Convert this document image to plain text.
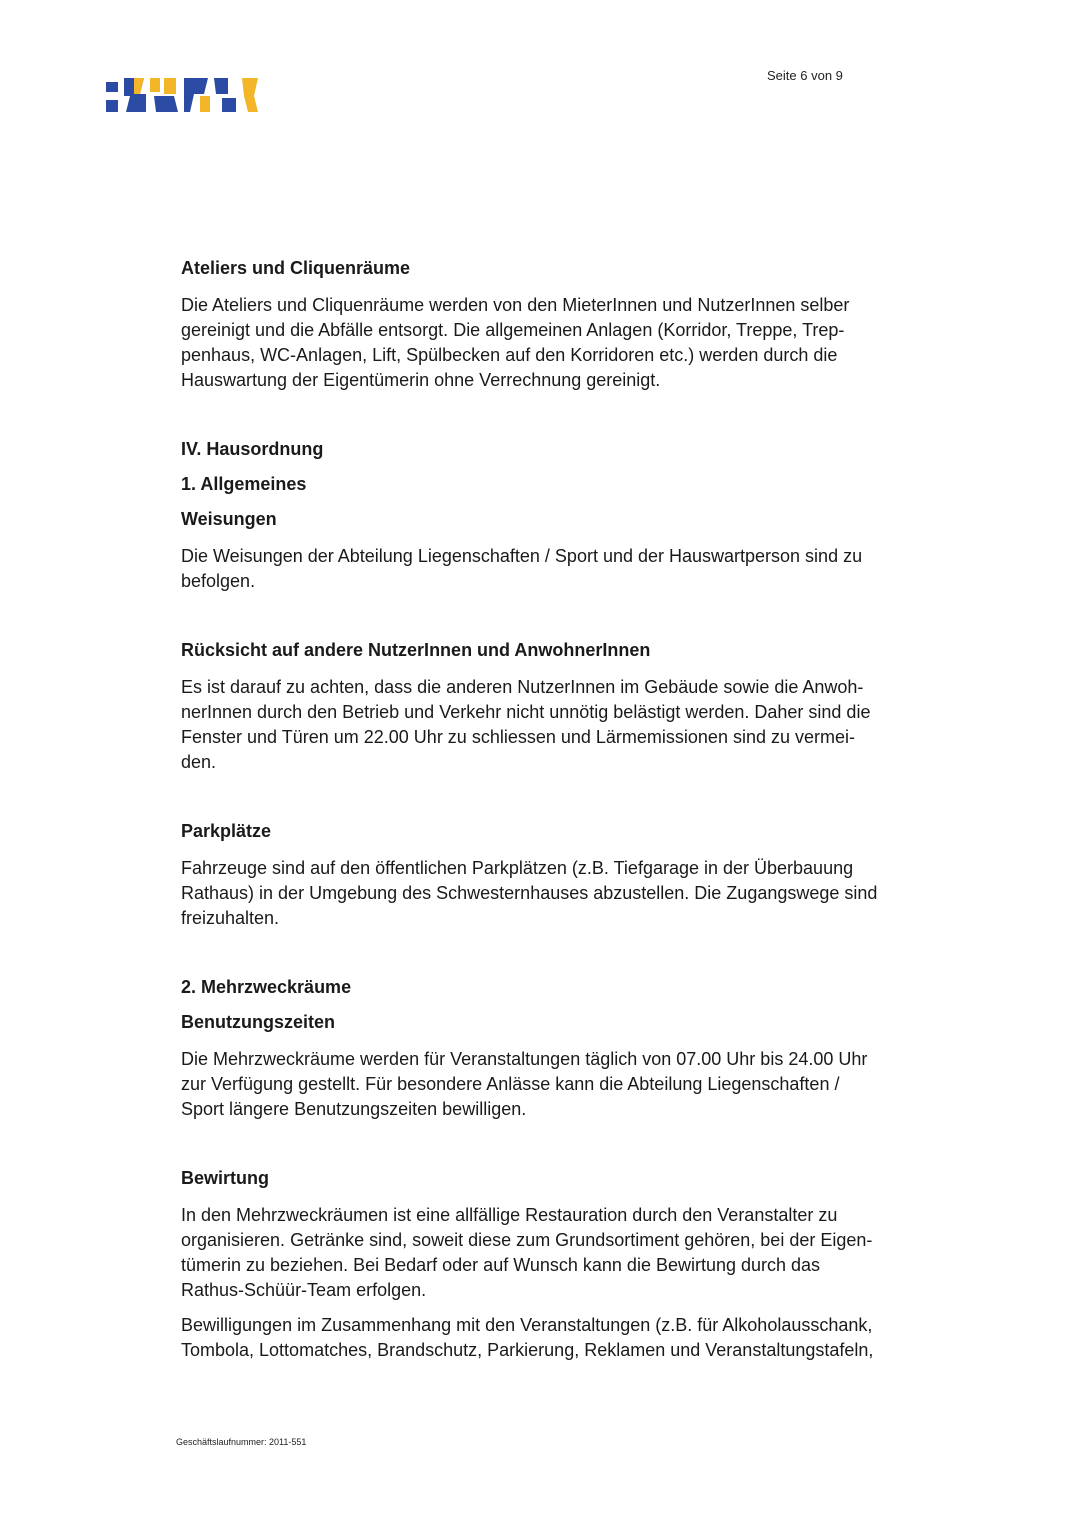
Seite 6 von 9
Ateliers und Cliquenräume
Die Ateliers und Cliquenräume werden von den MieterInnen und NutzerInnen selber
gereinigt und die Abfälle entsorgt. Die allgemeinen Anlagen (Korridor, Treppe, Trep-
penhaus, WC-Anlagen, Lift, Spülbecken auf den Korridoren etc.) werden durch die
Hauswartung der Eigentümerin ohne Verrechnung gereinigt.
IV. Hausordnung
1. Allgemeines
Weisungen
Die Weisungen der Abteilung Liegenschaften / Sport und der Hauswartperson sind zu
befolgen.
Rücksicht auf andere NutzerInnen und AnwohnerInnen
Es ist darauf zu achten, dass die anderen NutzerInnen im Gebäude sowie die Anwoh-
nerInnen durch den Betrieb und Verkehr nicht unnötig belästigt werden. Daher sind die
Fenster und Türen um 22.00 Uhr zu schliessen und Lärmemissionen sind zu vermei-
den.
Parkplätze
Fahrzeuge sind auf den öffentlichen Parkplätzen (z.B. Tiefgarage in der Überbauung
Rathaus) in der Umgebung des Schwesternhauses abzustellen. Die Zugangswege sind
freizuhalten.
2. Mehrzweckräume
Benutzungszeiten
Die Mehrzweckräume werden für Veranstaltungen täglich von 07.00 Uhr bis 24.00 Uhr
zur Verfügung gestellt. Für besondere Anlässe kann die Abteilung Liegenschaften /
Sport längere Benutzungszeiten bewilligen.
Bewirtung
In den Mehrzweckräumen ist eine allfällige Restauration durch den Veranstalter zu
organisieren. Getränke sind, soweit diese zum Grundsortiment gehören, bei der Eigen-
tümerin zu beziehen. Bei Bedarf oder auf Wunsch kann die Bewirtung durch das
Rathus-Schüür-Team erfolgen.
Bewilligungen im Zusammenhang mit den Veranstaltungen (z.B. für Alkoholausschank,
Tombola, Lottomatches, Brandschutz, Parkierung, Reklamen und Veranstaltungstafeln,
Geschäftslaufnummer: 2011-551
